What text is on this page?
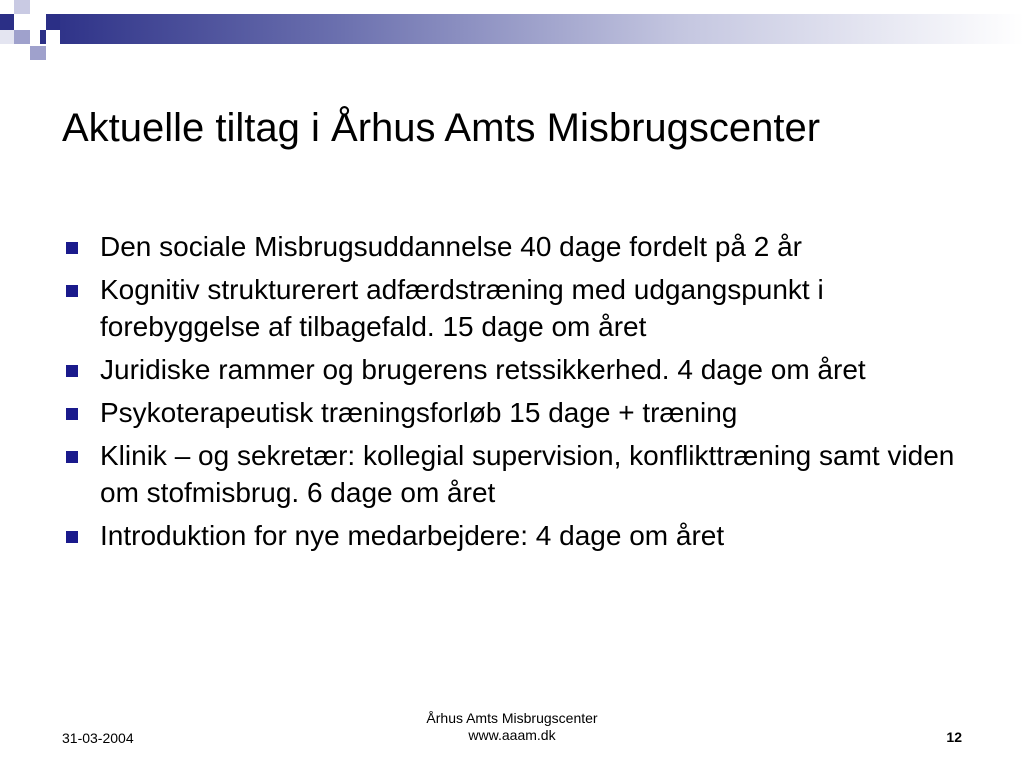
Aktuelle tiltag i Århus Amts Misbrugscenter
Den sociale Misbrugsuddannelse 40 dage fordelt på 2 år
Kognitiv strukturerert adfærdstræning med udgangspunkt i forebyggelse af tilbagefald. 15 dage om året
Juridiske rammer og brugerens retssikkerhed. 4 dage om året
Psykoterapeutisk træningsforløb 15 dage + træning
Klinik – og sekretær: kollegial supervision, konflikttræning samt viden om stofmisbrug. 6 dage om året
Introduktion for nye medarbejdere: 4 dage om året
31-03-2004
Århus Amts Misbrugscenter
www.aaam.dk	12
